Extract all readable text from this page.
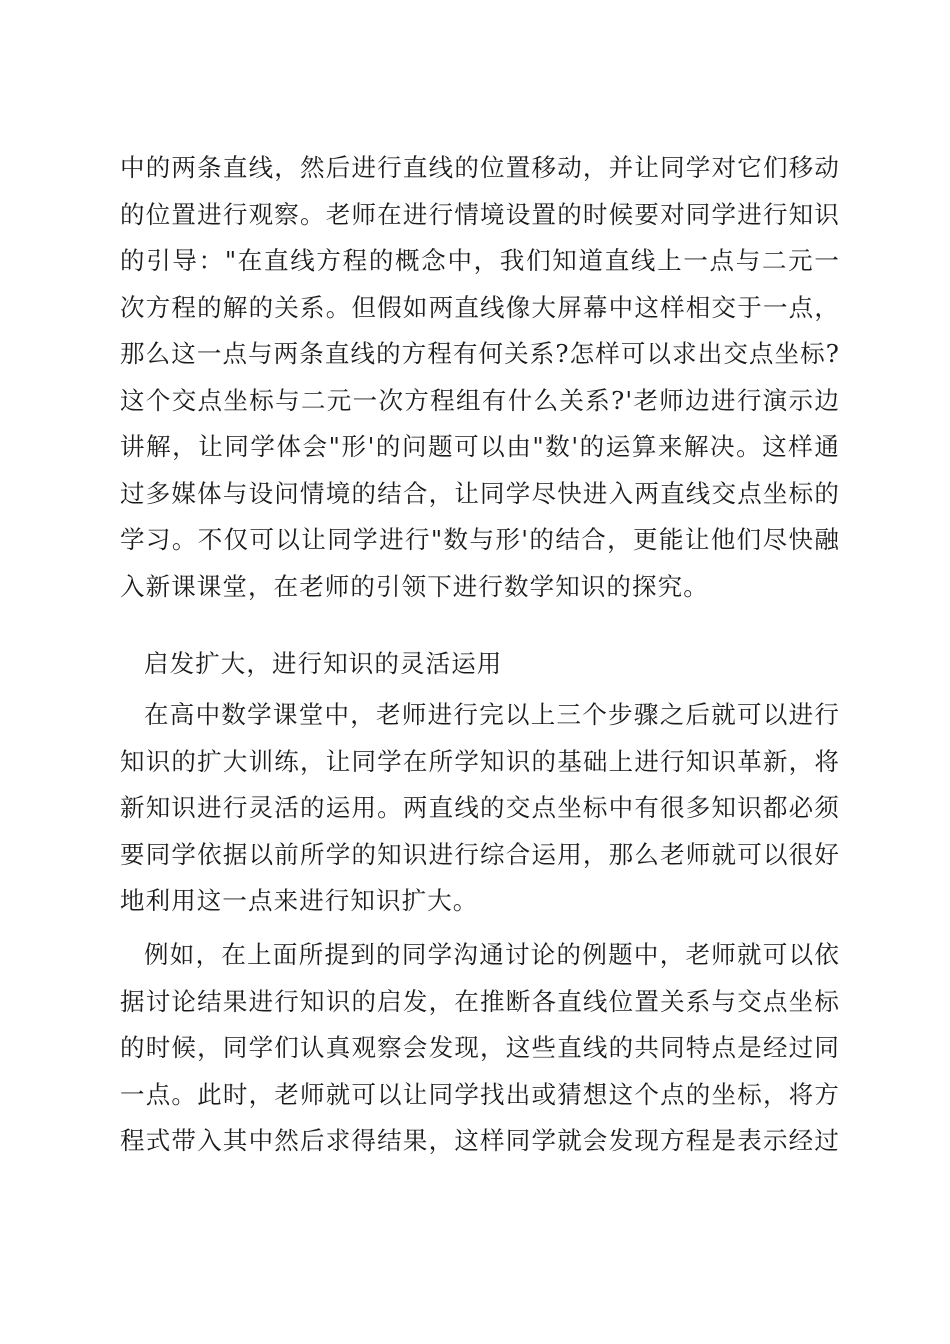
中的两条直线，然后进行直线的位置移动，并让同学对它们移动
的位置进行观察。老师在进行情境设置的时候要对同学进行知识
的引导："在直线方程的概念中，我们知道直线上一点与二元一
次方程的解的关系。但假如两直线像大屏幕中这样相交于一点，
那么这一点与两条直线的方程有何关系?怎样可以求出交点坐标?
这个交点坐标与二元一次方程组有什么关系?'老师边进行演示边
讲解，让同学体会"形'的问题可以由"数'的运算来解决。这样通
过多媒体与设问情境的结合，让同学尽快进入两直线交点坐标的
学习。不仅可以让同学进行"数与形'的结合，更能让他们尽快融
入新课课堂，在老师的引领下进行数学知识的探究。
启发扩大，进行知识的灵活运用
在高中数学课堂中，老师进行完以上三个步骤之后就可以进行
知识的扩大训练，让同学在所学知识的基础上进行知识革新，将
新知识进行灵活的运用。两直线的交点坐标中有很多知识都必须
要同学依据以前所学的知识进行综合运用，那么老师就可以很好
地利用这一点来进行知识扩大。
例如，在上面所提到的同学沟通讨论的例题中，老师就可以依
据讨论结果进行知识的启发，在推断各直线位置关系与交点坐标
的时候，同学们认真观察会发现，这些直线的共同特点是经过同
一点。此时，老师就可以让同学找出或猜想这个点的坐标，将方
程式带入其中然后求得结果，这样同学就会发现方程是表示经过
